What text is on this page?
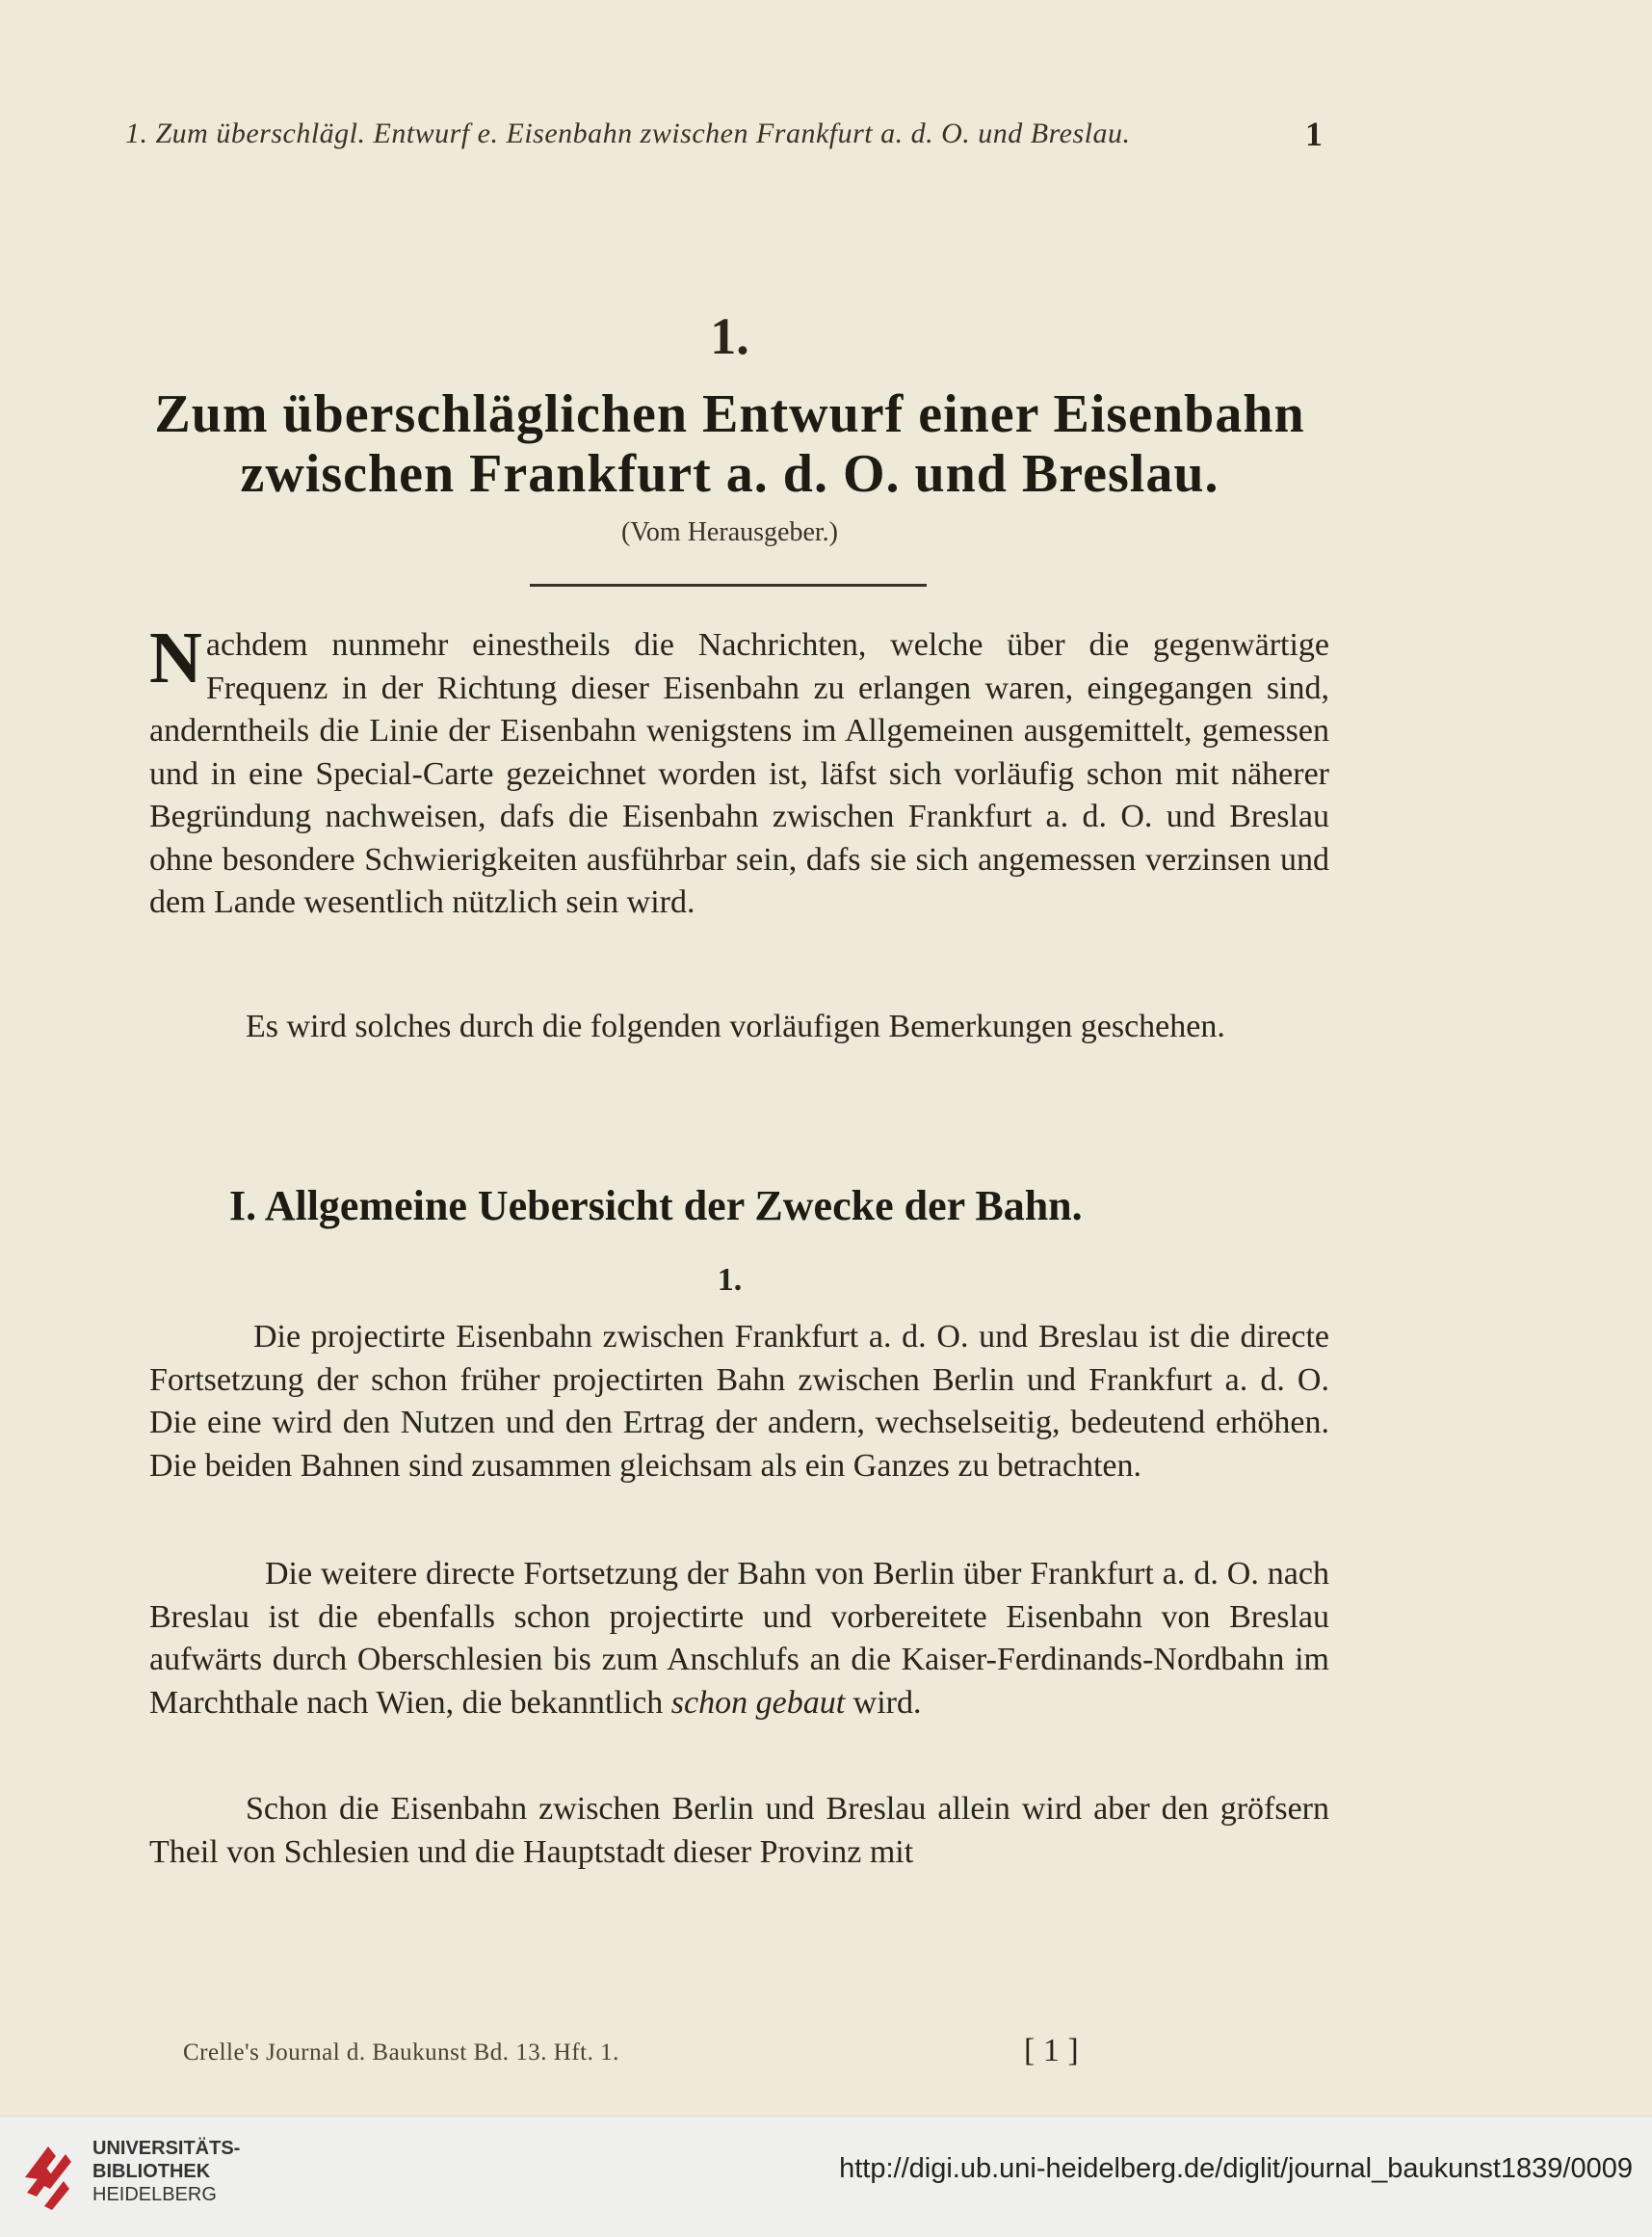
1. Zum überschlägl. Entwurf e. Eisenbahn zwischen Frankfurt a. d. O. und Breslau.	1
1.
Zum überschläglichen Entwurf einer Eisenbahn
zwischen Frankfurt a. d. O. und Breslau.
(Vom Herausgeber.)
Nachdem nunmehr einestheils die Nachrichten, welche über die gegenwärtige Frequenz in der Richtung dieser Eisenbahn zu erlangen waren, eingegangen sind, anderntheils die Linie der Eisenbahn wenigstens im Allgemeinen ausgemittelt, gemessen und in eine Special-Carte gezeichnet worden ist, läfst sich vorläufig schon mit näherer Begründung nachweisen, dafs die Eisenbahn zwischen Frankfurt a. d. O. und Breslau ohne besondere Schwierigkeiten ausführbar sein, dafs sie sich angemessen verzinsen und dem Lande wesentlich nützlich sein wird.
Es wird solches durch die folgenden vorläufigen Bemerkungen geschehen.
I. Allgemeine Uebersicht der Zwecke der Bahn.
1.
Die projectirte Eisenbahn zwischen Frankfurt a. d. O. und Breslau ist die directe Fortsetzung der schon früher projectirten Bahn zwischen Berlin und Frankfurt a. d. O. Die eine wird den Nutzen und den Ertrag der andern, wechselseitig, bedeutend erhöhen. Die beiden Bahnen sind zusammen gleichsam als ein Ganzes zu betrachten.
Die weitere directe Fortsetzung der Bahn von Berlin über Frankfurt a. d. O. nach Breslau ist die ebenfalls schon projectirte und vorbereitete Eisenbahn von Breslau aufwärts durch Oberschlesien bis zum Anschlufs an die Kaiser-Ferdinands-Nordbahn im Marchthale nach Wien, die bekanntlich schon gebaut wird.
Schon die Eisenbahn zwischen Berlin und Breslau allein wird aber den gröfsern Theil von Schlesien und die Hauptstadt dieser Provinz mit
Crelle's Journal d. Baukunst Bd. 13. Hft. 1.	[ 1 ]
UNIVERSITÄTS-
BIBLIOTHEK
HEIDELBERG
http://digi.ub.uni-heidelberg.de/diglit/journal_baukunst1839/0009
